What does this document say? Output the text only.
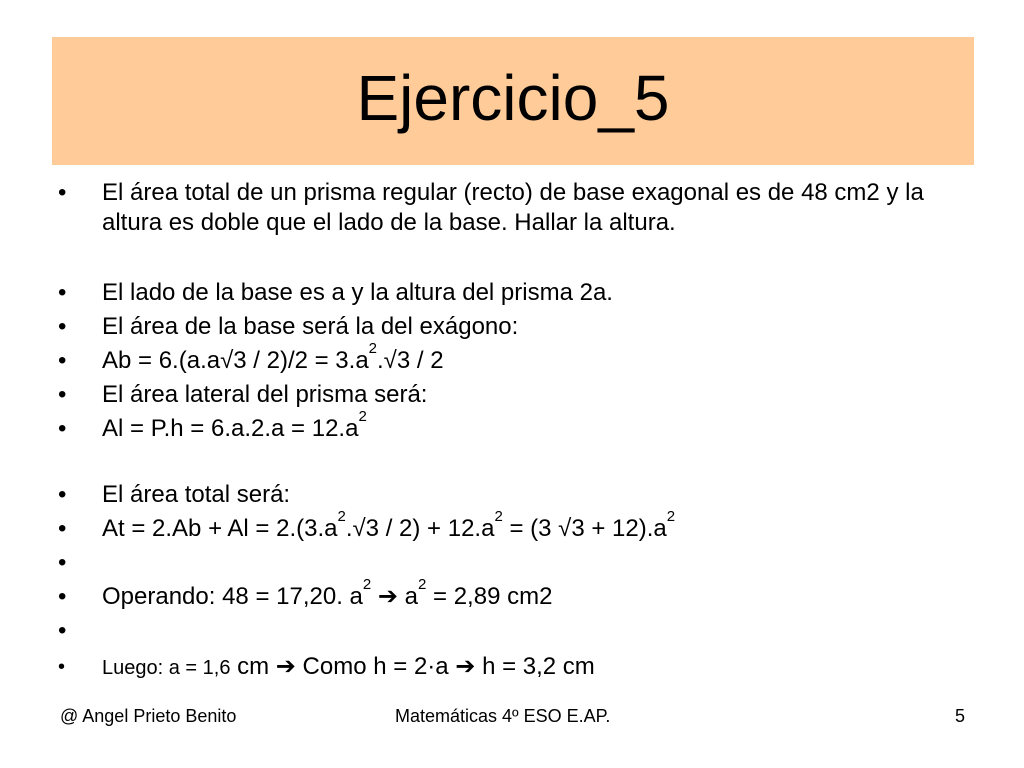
Ejercicio_5
• El área total de un prisma regular (recto) de base exagonal es de 48 cm2 y la altura es doble que el lado de la base. Hallar la altura.
• El lado de la base es a y la altura del prisma 2a.
• El área de la base será la del exágono:
• $Ab = 6.(a.a√3 / 2)/2 = 3.a^2.√3 / 2$
• El área lateral del prisma será:
• $Al = P.h = 6.a.2.a = 12.a^2$
• El área total será:
• $At = 2.Ab + Al = 2.(3.a^2.√3 / 2) + 12.a^2 = (3$ $√3 + 12).a^2$
•
• Operando: 48 = 17,20. $a^2$ ➔ $a^2 = 2,89$ cm2
•
• Luego: a = 1,6 cm ➔ Como h = 2·a ➔ h = 3,2 cm
@ Angel Prieto Benito	Matemáticas 4º ESO E.AP.	5
